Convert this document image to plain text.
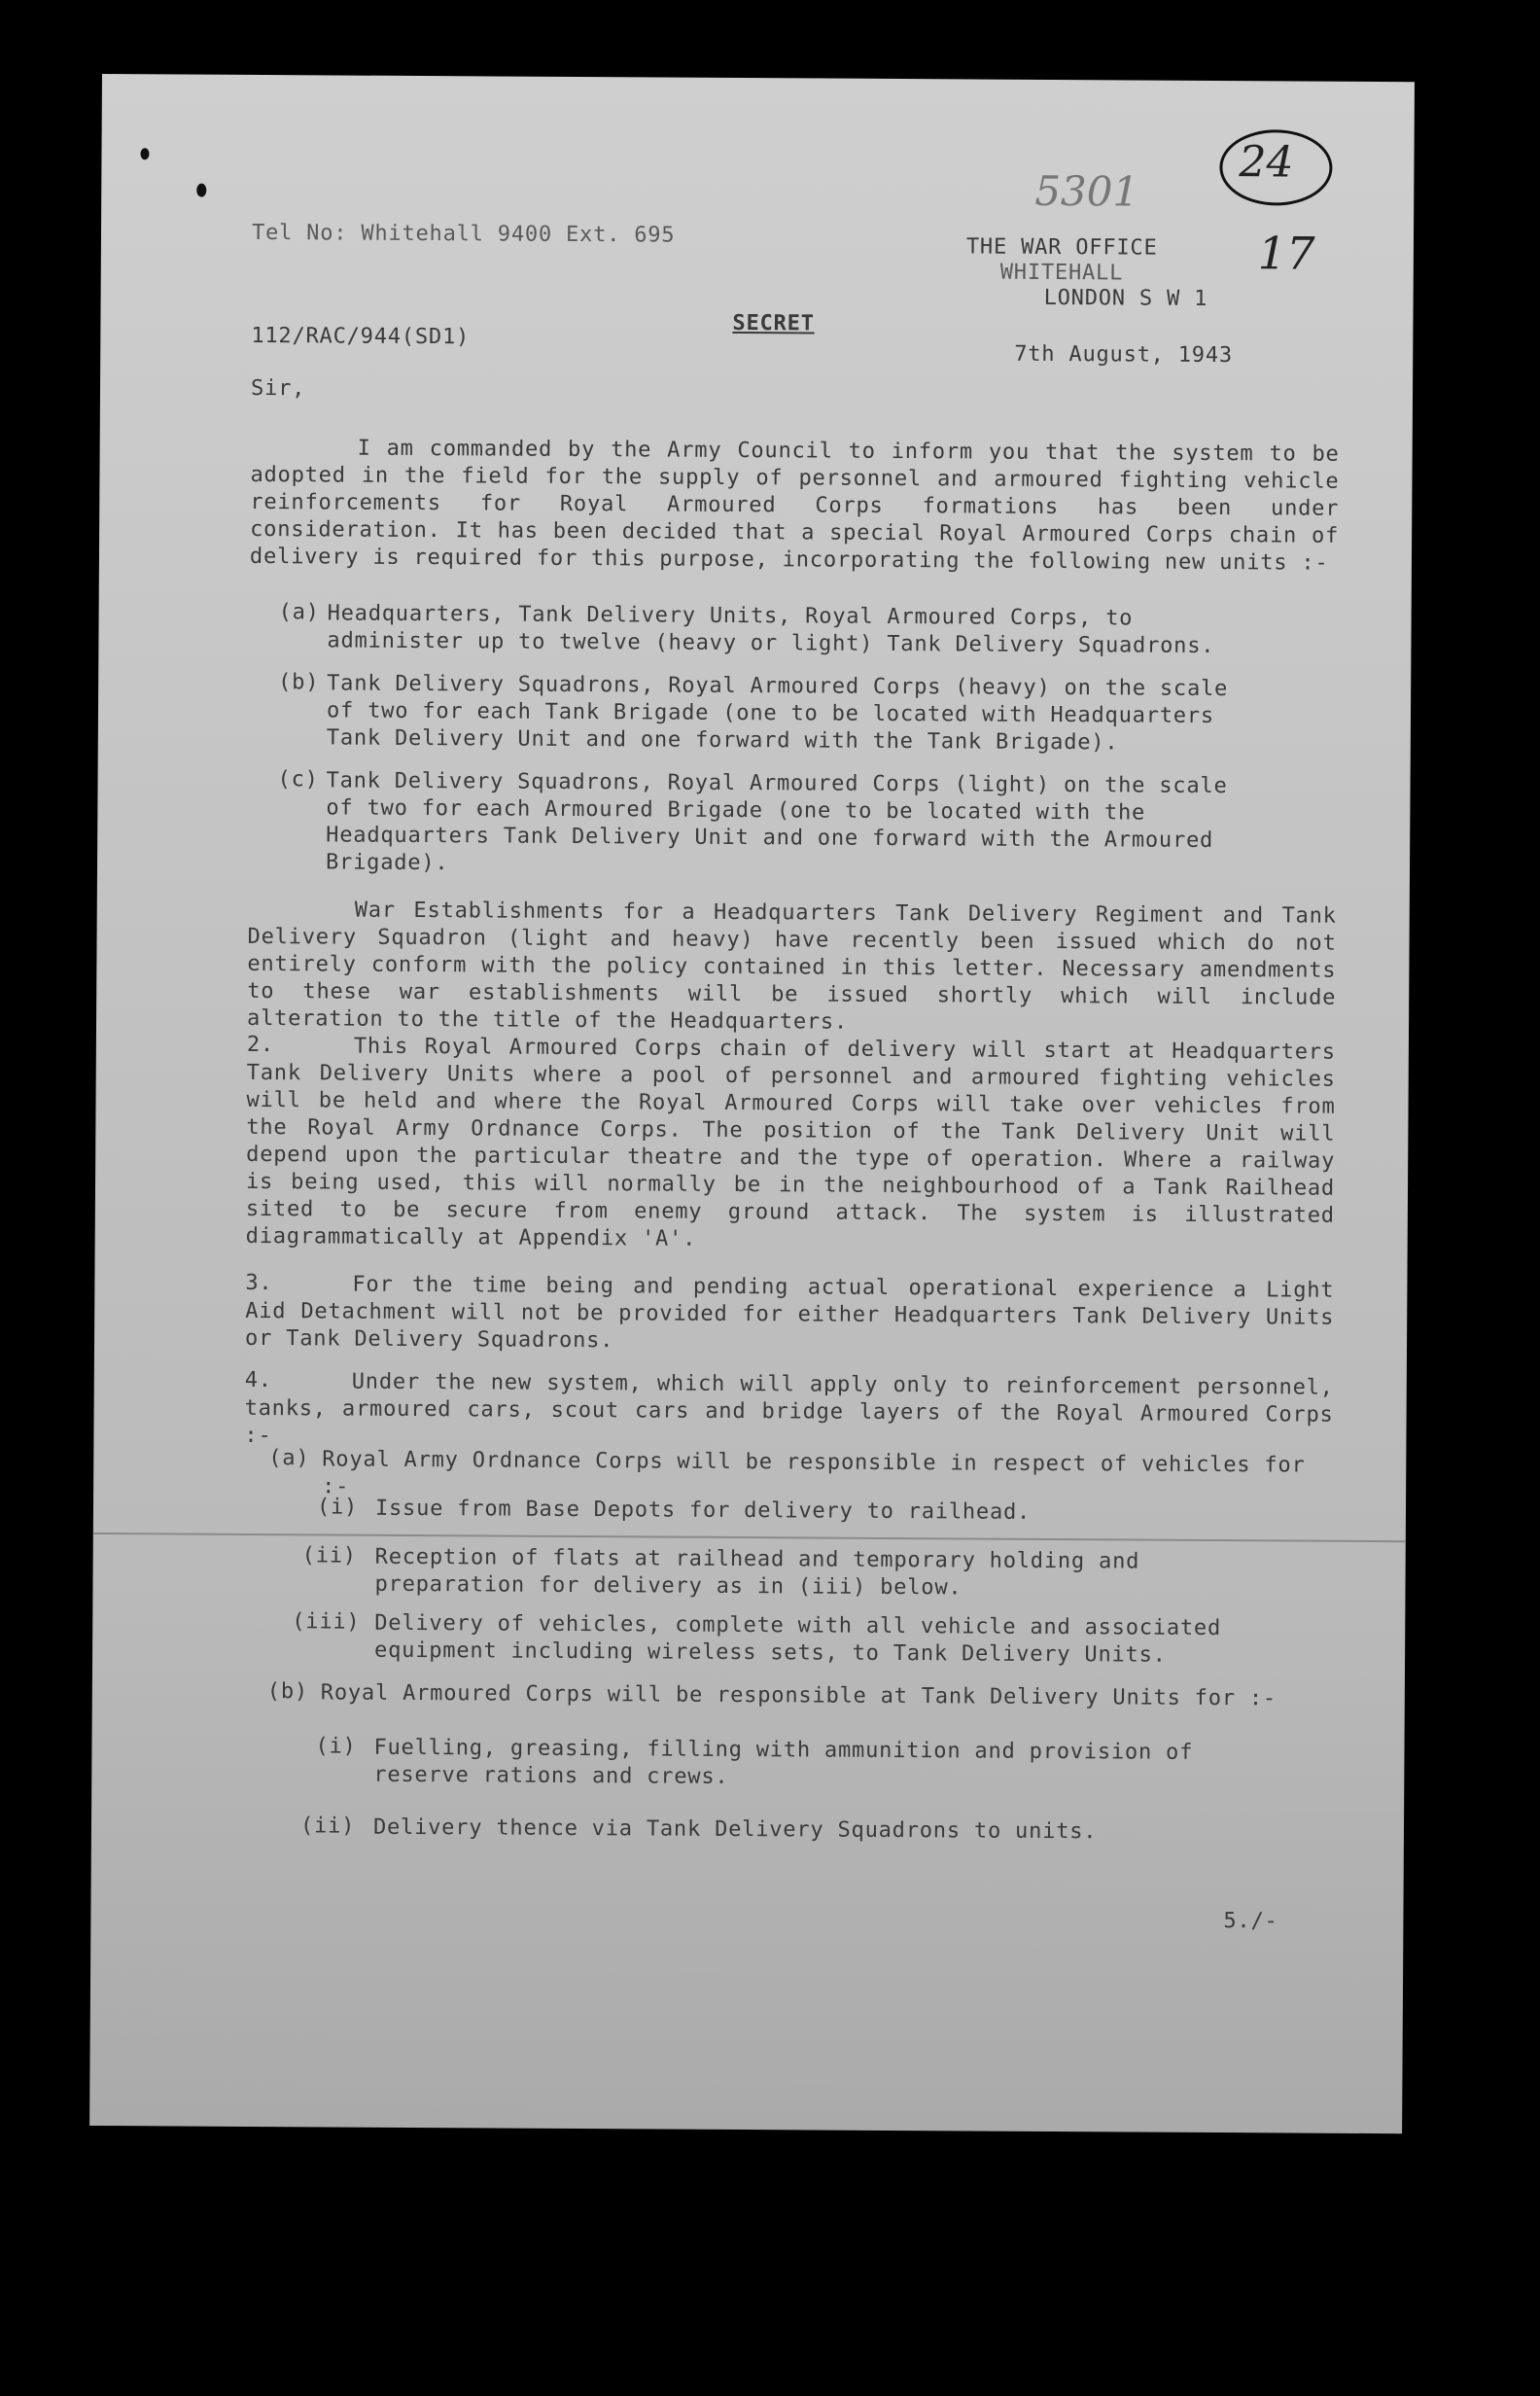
Tel No: Whitehall 9400 Ext. 695
5301
24
17
THE WAR OFFICE
WHITEHALL
LONDON S W 1
112/RAC/944(SD1)
SECRET
7th August, 1943
Sir,
I am commanded by the Army Council to inform you that the system to be adopted in the field for the supply of personnel and armoured fighting vehicle reinforcements for Royal Armoured Corps formations has been under consideration. It has been decided that a special Royal Armoured Corps chain of delivery is required for this purpose, incorporating the following new units :-
(a) Headquarters, Tank Delivery Units, Royal Armoured Corps, to administer up to twelve (heavy or light) Tank Delivery Squadrons.
(b) Tank Delivery Squadrons, Royal Armoured Corps (heavy) on the scale of two for each Tank Brigade (one to be located with Headquarters Tank Delivery Unit and one forward with the Tank Brigade).
(c) Tank Delivery Squadrons, Royal Armoured Corps (light) on the scale of two for each Armoured Brigade (one to be located with the Headquarters Tank Delivery Unit and one forward with the Armoured Brigade).
War Establishments for a Headquarters Tank Delivery Regiment and Tank Delivery Squadron (light and heavy) have recently been issued which do not entirely conform with the policy contained in this letter. Necessary amendments to these war establishments will be issued shortly which will include alteration to the title of the Headquarters.
2.	This Royal Armoured Corps chain of delivery will start at Headquarters Tank Delivery Units where a pool of personnel and armoured fighting vehicles will be held and where the Royal Armoured Corps will take over vehicles from the Royal Army Ordnance Corps. The position of the Tank Delivery Unit will depend upon the particular theatre and the type of operation. Where a railway is being used, this will normally be in the neighbourhood of a Tank Railhead sited to be secure from enemy ground attack. The system is illustrated diagrammatically at Appendix 'A'.
3.	For the time being and pending actual operational experience a Light Aid Detachment will not be provided for either Headquarters Tank Delivery Units or Tank Delivery Squadrons.
4.	Under the new system, which will apply only to reinforcement personnel, tanks, armoured cars, scout cars and bridge layers of the Royal Armoured Corps :-
(a) Royal Army Ordnance Corps will be responsible in respect of vehicles for :-
(i) Issue from Base Depots for delivery to railhead.
(ii) Reception of flats at railhead and temporary holding and preparation for delivery as in (iii) below.
(iii) Delivery of vehicles, complete with all vehicle and associated equipment including wireless sets, to Tank Delivery Units.
(b) Royal Armoured Corps will be responsible at Tank Delivery Units for :-
(i) Fuelling, greasing, filling with ammunition and provision of reserve rations and crews.
(ii) Delivery thence via Tank Delivery Squadrons to units.
5./-
